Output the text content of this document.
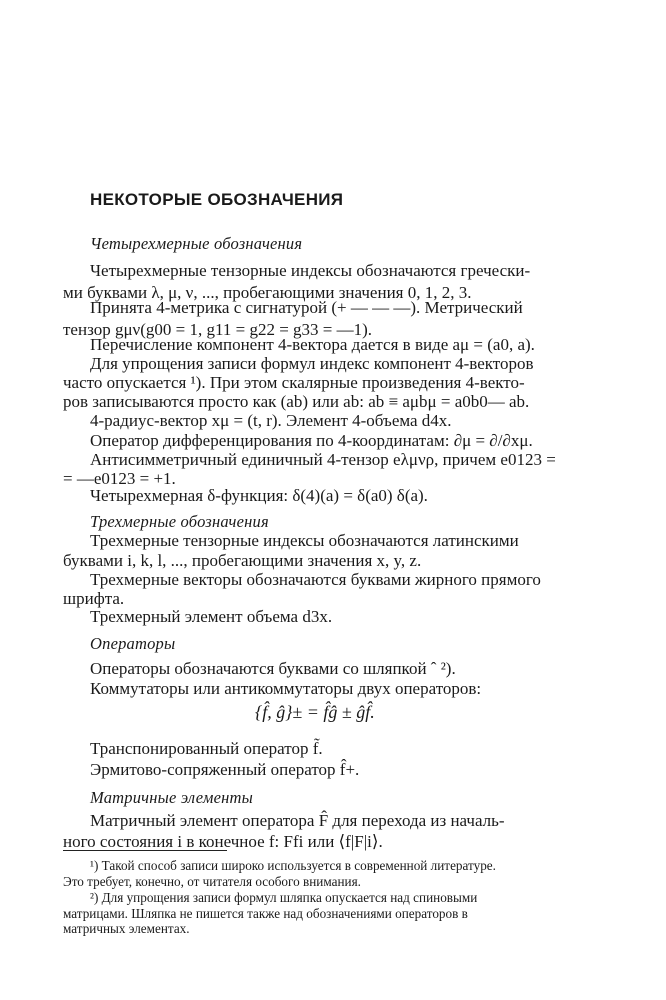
НЕКОТОРЫЕ ОБОЗНАЧЕНИЯ
Четырехмерные обозначения
Четырехмерные тензорные индексы обозначаются гречески-
ми буквами λ, μ, ν, ..., пробегающими значения 0, 1, 2, 3.
Принята 4-метрика с сигнатурой (+ — — —). Метрический
тензор gμν(g00 = 1, g11 = g22 = g33 = —1).
Перечисление компонент 4-вектора дается в виде aμ = (a0, a).
Для упрощения записи формул индекс компонент 4-векторов
часто опускается ¹). При этом скалярные произведения 4-векто-
ров записываются просто как (ab) или ab: ab ≡ aμbμ = a0b0— ab.
4-радиус-вектор xμ = (t, r). Элемент 4-объема d4x.
Оператор дифференцирования по 4-координатам: ∂μ = ∂/∂xμ.
Антисимметричный единичный 4-тензор eλμνρ, причем e0123 =
= —e0123 = +1.
Четырехмерная δ-функция: δ(4)(a) = δ(a0) δ(a).
Трехмерные обозначения
Трехмерные тензорные индексы обозначаются латинскими
буквами i, k, l, ..., пробегающими значения x, y, z.
Трехмерные векторы обозначаются буквами жирного прямого
шрифта.
Трехмерный элемент объема d3x.
Операторы
Операторы обозначаются буквами со шляпкой ˆ ²).
Коммутаторы или антикоммутаторы двух операторов:
{f̂, ĝ}± = f̂ĝ ± ĝf̂.
Транспонированный оператор f̃.
Эрмитово-сопряженный оператор f̂+.
Матричные элементы
Матричный элемент оператора F̂ для перехода из началь-
ного состояния i в конечное f: Ffi или ⟨f|F|i⟩.
¹) Такой способ записи широко используется в современной литературе.
Это требует, конечно, от читателя особого внимания.
²) Для упрощения записи формул шляпка опускается над спиновыми
матрицами. Шляпка не пишется также над обозначениями операторов в
матричных элементах.
